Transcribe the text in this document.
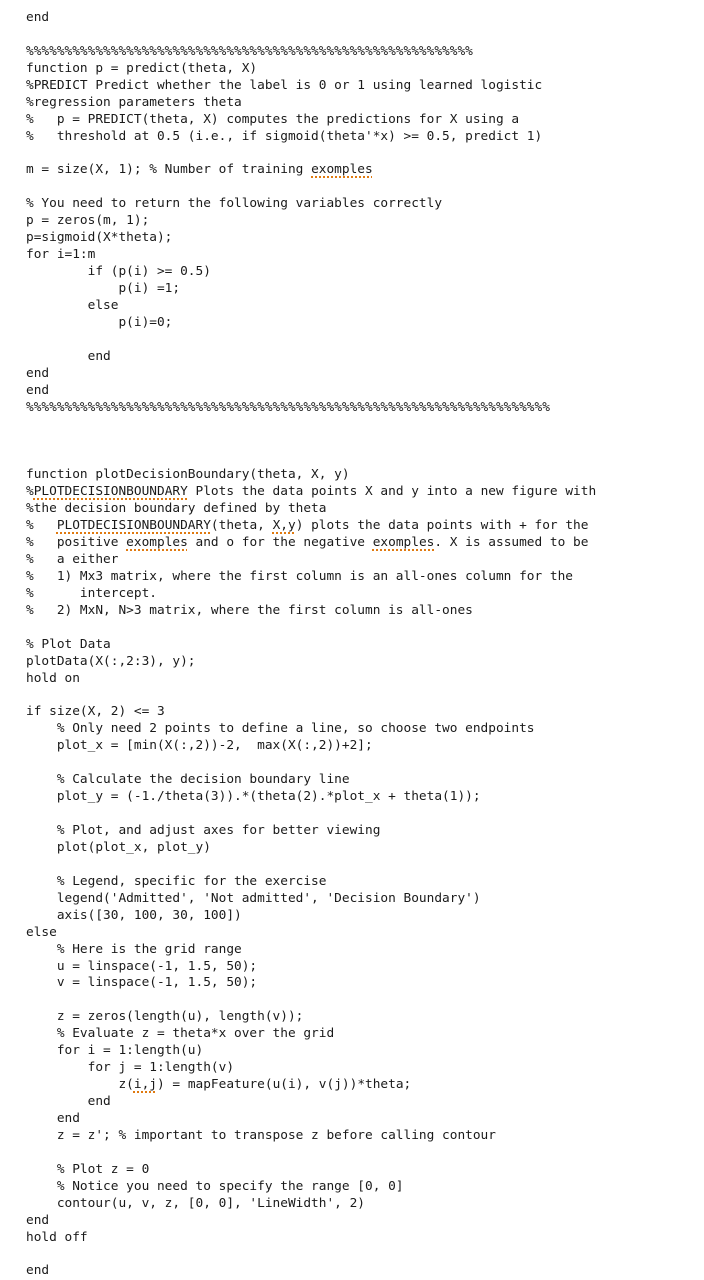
end
%%%%%%%%%%%%%%%%%%%%%%%%%%%%%%%%%%%%%%%%%%%%%%%%%%%%%%%%%%
function p = predict(theta, X)
%PREDICT Predict whether the label is 0 or 1 using learned logistic
%regression parameters theta
%   p = PREDICT(theta, X) computes the predictions for X using a
%   threshold at 0.5 (i.e., if sigmoid(theta'*x) >= 0.5, predict 1)
m = size(X, 1); % Number of training exomples
% You need to return the following variables correctly
p = zeros(m, 1);
p=sigmoid(X*theta);
for i=1:m
if (p(i) >= 0.5)
p(i) =1;
else
p(i)=0;
end
end
end
%%%%%%%%%%%%%%%%%%%%%%%%%%%%%%%%%%%%%%%%%%%%%%%%%%%%%%%%%%%%%%%%%%%%
function plotDecisionBoundary(theta, X, y)
%PLOTDECISIONBOUNDARY Plots the data points X and y into a new figure with
%the decision boundary defined by theta
%   PLOTDECISIONBOUNDARY(theta, X,y) plots the data points with + for the
%   positive exomples and o for the negative exomples. X is assumed to be
%   a either
%   1) Mx3 matrix, where the first column is an all-ones column for the
%      intercept.
%   2) MxN, N>3 matrix, where the first column is all-ones
% Plot Data
plotData(X(:,2:3), y);
hold on
if size(X, 2) <= 3
% Only need 2 points to define a line, so choose two endpoints
plot_x = [min(X(:,2))-2,  max(X(:,2))+2];
% Calculate the decision boundary line
plot_y = (-1./theta(3)).*(theta(2).*plot_x + theta(1));
% Plot, and adjust axes for better viewing
plot(plot_x, plot_y)
% Legend, specific for the exercise
legend('Admitted', 'Not admitted', 'Decision Boundary')
axis([30, 100, 30, 100])
else
% Here is the grid range
u = linspace(-1, 1.5, 50);
v = linspace(-1, 1.5, 50);
z = zeros(length(u), length(v));
% Evaluate z = theta*x over the grid
for i = 1:length(u)
for j = 1:length(v)
z(i,j) = mapFeature(u(i), v(j))*theta;
end
end
z = z'; % important to transpose z before calling contour
% Plot z = 0
% Notice you need to specify the range [0, 0]
contour(u, v, z, [0, 0], 'LineWidth', 2)
end
hold off
end
